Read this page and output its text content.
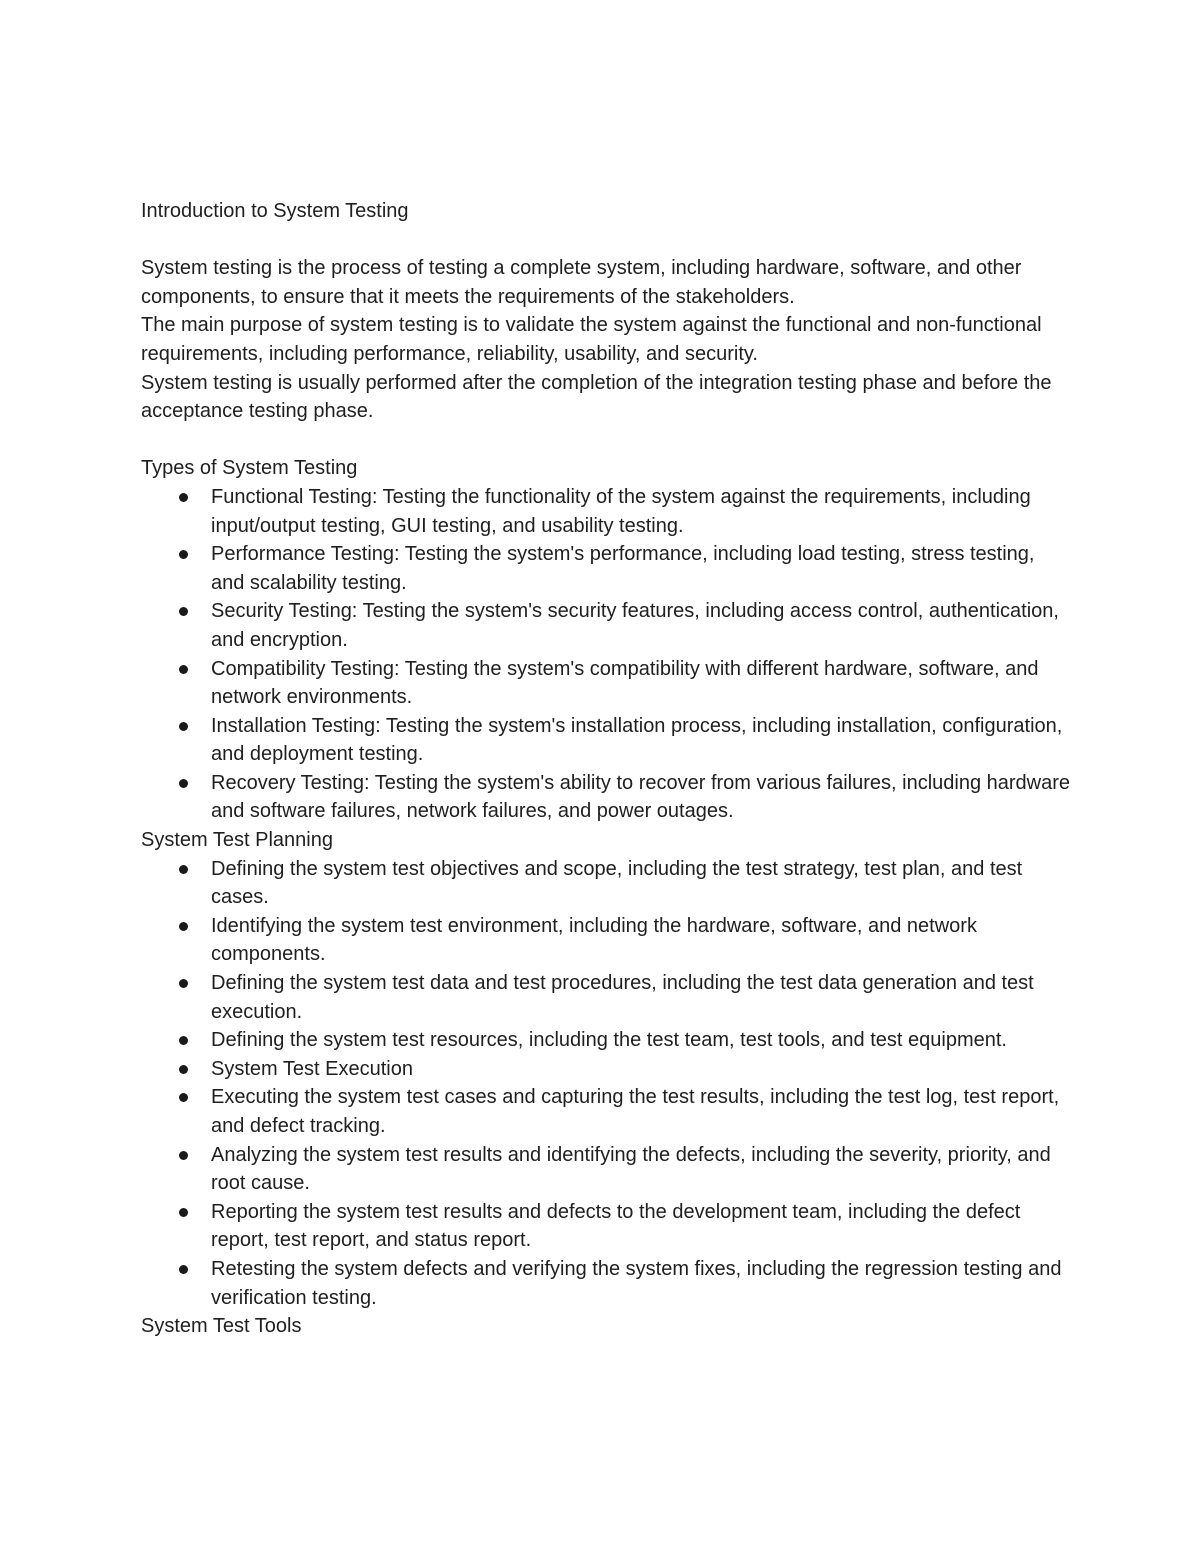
Introduction to System Testing

System testing is the process of testing a complete system, including hardware, software, and other components, to ensure that it meets the requirements of the stakeholders.

The main purpose of system testing is to validate the system against the functional and non-functional requirements, including performance, reliability, usability, and security.

System testing is usually performed after the completion of the integration testing phase and before the acceptance testing phase.

Types of System Testing

Functional Testing: Testing the functionality of the system against the requirements, including input/output testing, GUI testing, and usability testing.
Performance Testing: Testing the system's performance, including load testing, stress testing, and scalability testing.
Security Testing: Testing the system's security features, including access control, authentication, and encryption.
Compatibility Testing: Testing the system's compatibility with different hardware, software, and network environments.
Installation Testing: Testing the system's installation process, including installation, configuration, and deployment testing.
Recovery Testing: Testing the system's ability to recover from various failures, including hardware and software failures, network failures, and power outages.

System Test Planning

Defining the system test objectives and scope, including the test strategy, test plan, and test cases.
Identifying the system test environment, including the hardware, software, and network components.
Defining the system test data and test procedures, including the test data generation and test execution.
Defining the system test resources, including the test team, test tools, and test equipment.
System Test Execution
Executing the system test cases and capturing the test results, including the test log, test report, and defect tracking.
Analyzing the system test results and identifying the defects, including the severity, priority, and root cause.
Reporting the system test results and defects to the development team, including the defect report, test report, and status report.
Retesting the system defects and verifying the system fixes, including the regression testing and verification testing.

System Test Tools
